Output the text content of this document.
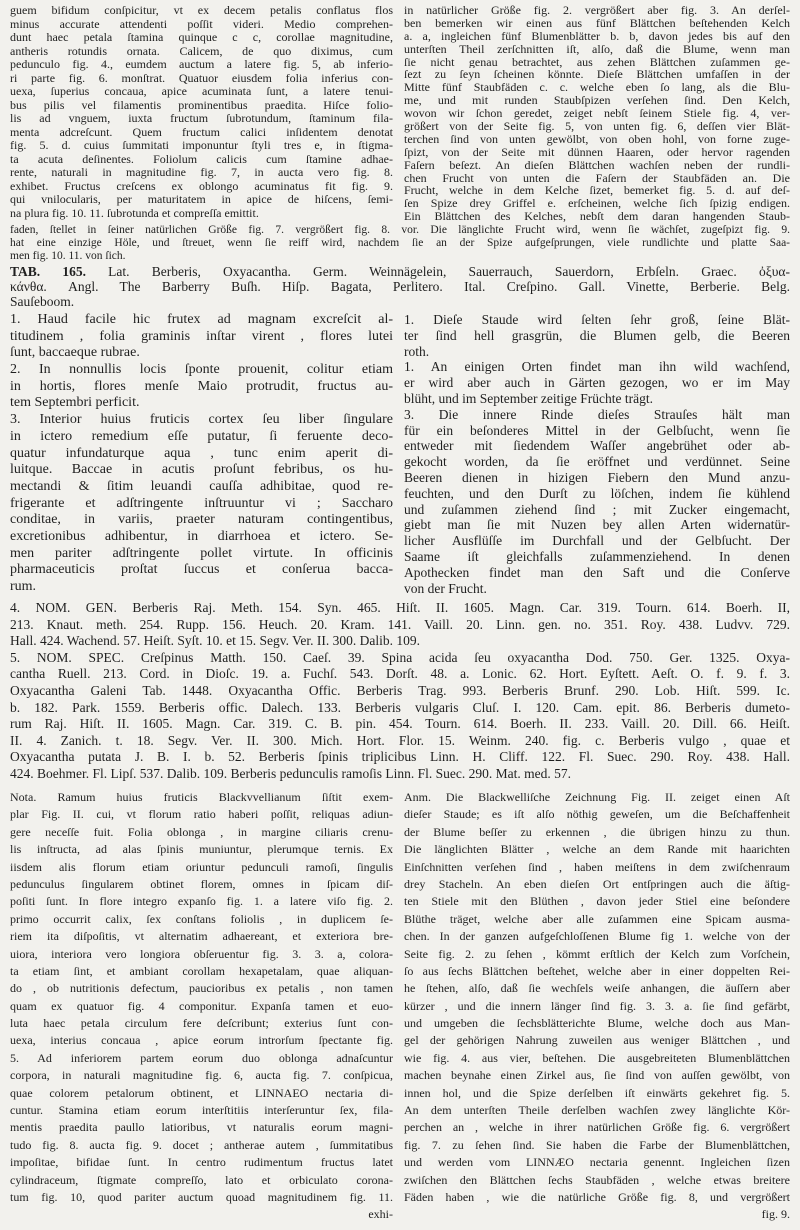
guem bifidum conſpicitur, vt ex decem petalis conflatus flos
minus accurate attendenti poſſit videri. Medio comprehen-
dunt haec petala ſtamina quinque c c, corollae magnitudine,
antheris rotundis ornata. Calicem, de quo diximus, cum
pedunculo fig. 4., eumdem auctum a latere fig. 5, ab inferio-
ri parte fig. 6. monſtrat. Quatuor eiusdem folia inferius con-
uexa, ſuperius concaua, apice acuminata ſunt, a latere tenui-
bus pilis vel filamentis prominentibus praedita. Hiſce folio-
lis ad vnguem, iuxta fructum ſubrotundum, ſtaminum fila-
menta adcreſcunt. Quem fructum calici inſidentem denotat
fig. 5. d. cuius ſummitati imponuntur ſtyli tres e, in ſtigma-
ta acuta deſinentes. Foliolum calicis cum ſtamine adhae-
rente, naturali in magnitudine fig. 7, in aucta vero fig. 8.
exhibet. Fructus creſcens ex oblongo acuminatus fit fig. 9.
qui vnilocularis, per maturitatem in apice de hiſcens, ſemi-
na plura fig. 10. 11. ſubrotunda et compreſſa emittit.
in natürlicher Größe fig. 2. vergrößert aber fig. 3. An derſel-
ben bemerken wir einen aus fünf Blättchen beſtehenden Kelch
a. a, ingleichen fünf Blumenblätter b. b, davon jedes bis auf den
unterſten Theil zerſchnitten iſt, alſo, daß die Blume, wenn man
ſie nicht genau betrachtet, aus zehen Blättchen zuſammen ge-
ſezt zu ſeyn ſcheinen könnte. Dieſe Blättchen umfaſſen in der
Mitte fünf Staubfäden c. c. welche eben ſo lang, als die Blu-
me, und mit runden Staubſpizen verſehen ſind. Den Kelch,
wovon wir ſchon geredet, zeiget nebſt ſeinem Stiele fig. 4, ver-
größert von der Seite fig. 5, von unten fig. 6, deſſen vier Blät-
terchen ſind von unten gewölbt, von oben hohl, von forne zuge-
ſpizt, von der Seite mit dünnen Haaren, oder hervor ragenden
Faſern beſezt. An dieſen Blättchen wachſen neben der rundli-
chen Frucht von unten die Faſern der Staubfäden an. Die
Frucht, welche in dem Kelche ſizet, bemerket fig. 5. d. auf deſ-
ſen Spize drey Griffel e. erſcheinen, welche ſich ſpizig endigen.
Ein Blättchen des Kelches, nebſt dem daran hangenden Staub-
faden, ſtellet in ſeiner natürlichen Größe fig. 7. vergrößert fig. 8. vor. Die länglichte Frucht wird, wenn ſie wächſet, zugeſpizt fig. 9.
hat eine einzige Höle, und ſtreuet, wenn ſie reiff wird, nachdem ſie an der Spize aufgeſprungen, viele rundlichte und platte Saa-
men fig. 10. 11. von ſich.
TAB. 165. Lat. Berberis, Oxyacantha. Germ. Weinnägelein, Sauerrauch, Sauerdorn, Erbſeln. Graec. ὀξυα-
κάνθα. Angl. The Barberry Buſh. Hiſp. Bagata, Perlitero. Ital. Creſpino. Gall. Vinette, Berberie. Belg.
Sauſeboom.
1. Haud facile hic frutex ad magnam excreſcit al-
titudinem , folia graminis inſtar virent , flores lutei
ſunt, baccaeque rubrae.
2. In nonnullis locis ſponte prouenit, colitur etiam
in hortis, flores menſe Maio protrudit, fructus au-
tem Septembri perficit.
3. Interior huius fruticis cortex ſeu liber ſingulare
in ictero remedium eſſe putatur, ſi feruente deco-
quatur infundaturque aqua , tunc enim aperit di-
luitque. Baccae in acutis proſunt febribus, os hu-
mectandi & ſitim leuandi cauſſa adhibitae, quod re-
frigerante et adſtringente inſtruuntur vi ; Saccharo
conditae, in variis, praeter naturam contingentibus,
excretionibus adhibentur, in diarrhoea et ictero. Se-
men pariter adſtringente pollet virtute. In officinis
pharmaceuticis proſtat ſuccus et conſerua bacca-
rum.
1. Dieſe Staude wird ſelten ſehr groß, ſeine Blät-
ter ſind hell grasgrün, die Blumen gelb, die Beeren
roth.
1. An einigen Orten findet man ihn wild wachſend,
er wird aber auch in Gärten gezogen, wo er im May
blüht, und im September zeitige Früchte trägt.
3. Die innere Rinde dieſes Strauſes hält man
für ein beſonderes Mittel in der Gelbſucht, wenn ſie
entweder mit ſiedendem Waſſer angebrühet oder ab-
gekocht worden, da ſie eröffnet und verdünnet. Seine
Beeren dienen in hizigen Fiebern den Mund anzu-
feuchten, und den Durſt zu löſchen, indem ſie kühlend
und zuſammen ziehend ſind ; mit Zucker eingemacht,
giebt man ſie mit Nuzen bey allen Arten widernatür-
licher Ausflüſſe im Durchfall und der Gelbſucht. Der
Saame iſt gleichfalls zuſammenziehend. In denen
Apothecken findet man den Saft und die Conſerve
von der Frucht.
4. NOM. GEN. Berberis Raj. Meth. 154. Syn. 465. Hiſt. II. 1605. Magn. Car. 319. Tourn. 614. Boerh. II,
213. Knaut. meth. 254. Rupp. 156. Heuch. 20. Kram. 141. Vaill. 20. Linn. gen. no. 351. Roy. 438. Ludvv. 729.
Hall. 424. Wachend. 57. Heiſt. Syſt. 10. et 15. Segv. Ver. II. 300. Dalib. 109.
5. NOM. SPEC. Creſpinus Matth. 150. Caeſ. 39. Spina acida ſeu oxyacantha Dod. 750. Ger. 1325. Oxya-
cantha Ruell. 213. Cord. in Dioſc. 19. a. Fuchſ. 543. Dorſt. 48. a. Lonic. 62. Hort. Eyſtett. Aeſt. O. f. 9. f. 3.
Oxyacantha Galeni Tab. 1448. Oxyacantha Offic. Berberis Trag. 993. Berberis Brunf. 290. Lob. Hiſt. 599. Ic.
b. 182. Park. 1559. Berberis offic. Dalech. 133. Berberis vulgaris Cluſ. I. 120. Cam. epit. 86. Berberis dumeto-
rum Raj. Hiſt. II. 1605. Magn. Car. 319. C. B. pin. 454. Tourn. 614. Boerh. II. 233. Vaill. 20. Dill. 66. Heiſt.
II. 4. Zanich. t. 18. Segv. Ver. II. 300. Mich. Hort. Flor. 15. Weinm. 240. fig. c. Berberis vulgo , quae et
Oxyacantha putata J. B. I. b. 52. Berberis ſpinis triplicibus Linn. H. Cliff. 122. Fl. Suec. 290. Roy. 438. Hall.
424. Boehmer. Fl. Lipſ. 537. Dalib. 109. Berberis pedunculis ramoſis Linn. Fl. Suec. 290. Mat. med. 57.
Nota. Ramum huius fruticis Blackvvellianum ſiſtit exem-
plar Fig. II. cui, vt florum ratio haberi poſſit, reliquas adiun-
gere neceſſe fuit. Folia oblonga , in margine ciliaris crenu-
lis inſtructa, ad alas ſpinis muniuntur, plerumque ternis. Ex
iisdem alis florum etiam oriuntur pedunculi ramoſi, ſingulis
pedunculus ſingularem obtinet florem, omnes in ſpicam diſ-
poſiti ſunt. In flore integro expanſo fig. 1. a latere viſo fig. 2.
primo occurrit calix, ſex conſtans foliolis , in duplicem ſe-
riem ita diſpoſitis, vt alternatim adhaereant, et exteriora bre-
uiora, interiora vero longiora obſeruentur fig. 3. 3. a, colora-
ta etiam ſint, et ambiant corollam hexapetalam, quae aliquan-
do , ob nutritionis defectum, paucioribus ex petalis , non tamen
quam ex quatuor fig. 4 componitur. Expanſa tamen et euo-
luta haec petala circulum fere deſcribunt; exterius ſunt con-
uexa, interius concaua , apice eorum introrſum ſpectante fig.
5. Ad inferiorem partem eorum duo oblonga adnaſcuntur
corpora, in naturali magnitudine fig. 6, aucta fig. 7. conſpicua,
quae colorem petalorum obtinent, et LINNAEO nectaria di-
cuntur. Stamina etiam eorum interſtitiis interſeruntur ſex, fila-
mentis praedita paullo latioribus, vt naturalis eorum magni-
tudo fig. 8. aucta fig. 9. docet ; antherae autem , ſummitatibus
impoſitae, bifidae ſunt. In centro rudimentum fructus latet
cylindraceum, ſtigmate compreſſo, lato et orbiculato corona-
tum fig. 10, quod pariter auctum quoad magnitudinem fig. 11.
exhi-
Anm. Die Blackwelliſche Zeichnung Fig. II. zeiget einen Aſt
dieſer Staude; es iſt alſo nöthig geweſen, um die Beſchaffenheit
der Blume beſſer zu erkennen , die übrigen hinzu zu thun.
Die länglichten Blätter , welche an dem Rande mit haarichten
Einſchnitten verſehen ſind , haben meiſtens in dem zwiſchenraum
drey Stacheln. An eben dieſen Ort entſpringen auch die äſtig-
ten Stiele mit den Blüthen , davon jeder Stiel eine beſondere
Blüthe träget, welche aber alle zuſammen eine Spicam ausma-
chen. In der ganzen aufgeſchloſſenen Blume fig 1. welche von der
Seite fig. 2. zu ſehen , kömmt erſtlich der Kelch zum Vorſchein,
ſo aus ſechs Blättchen beſtehet, welche aber in einer doppelten Rei-
he ſtehen, alſo, daß ſie wechſels weiſe anhangen, die äuſſern aber
kürzer , und die innern länger ſind fig. 3. 3. a. ſie ſind gefärbt,
und umgeben die ſechsblätterichte Blume, welche doch aus Man-
gel der gehörigen Nahrung zuweilen aus weniger Blättchen , und
wie fig. 4. aus vier, beſtehen. Die ausgebreiteten Blumenblättchen
machen beynahe einen Zirkel aus, ſie ſind von auſſen gewölbt, von
innen hol, und die Spize derſelben iſt einwärts gekehret fig. 5.
An dem unterſten Theile derſelben wachſen zwey länglichte Kör-
perchen an , welche in ihrer natürlichen Größe fig. 6. vergrößert
fig. 7. zu ſehen ſind. Sie haben die Farbe der Blumenblättchen,
und werden vom LINNÆO nectaria genennt. Ingleichen ſizen
zwiſchen den Blättchen ſechs Staubfäden , welche etwas breitere
Fäden haben , wie die natürliche Größe fig. 8, und vergrößert
fig. 9.
